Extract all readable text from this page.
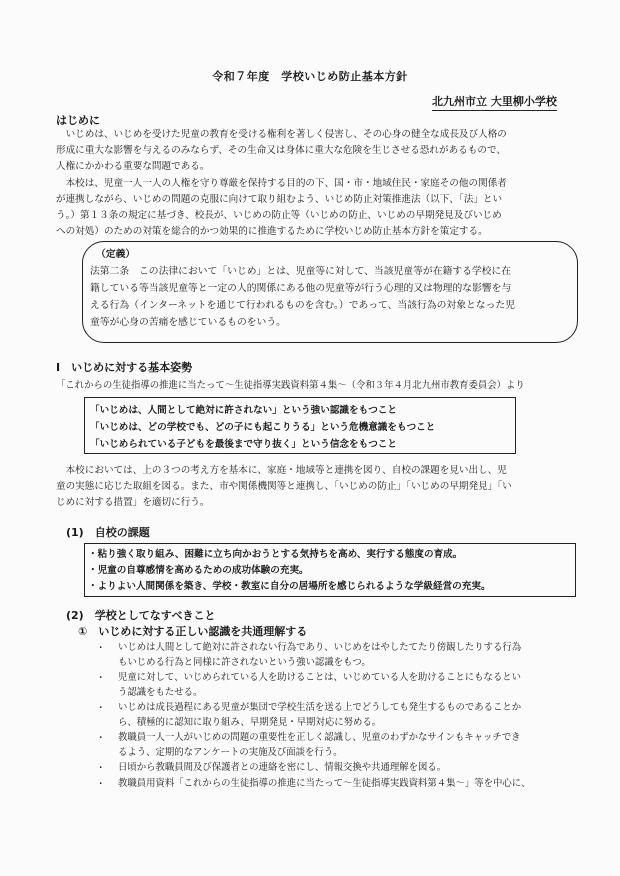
令和７年度　学校いじめ防止基本方針
北九州市立 大里柳小学校
はじめに
　いじめは、いじめを受けた児童の教育を受ける権利を著しく侵害し、その心身の健全な成長及び人格の
形成に重大な影響を与えるのみならず、その生命又は身体に重大な危険を生じさせる恐れがあるもので、
人権にかかわる重要な問題である。
　本校は、児童一人一人の人権を守り尊厳を保持する目的の下、国・市・地域住民・家庭その他の関係者
が連携しながら、いじめの問題の克服に向けて取り組むよう、いじめ防止対策推進法（以下、「法」とい
う。）第１３条の規定に基づき、校長が、いじめの防止等（いじめの防止、いじめの早期発見及びいじめ
への対処）のための対策を総合的かつ効果的に推進するために学校いじめ防止基本方針を策定する。
（定義）
法第二条　この法律において「いじめ」とは、児童等に対して、当該児童等が在籍する学校に在
籍している等当該児童等と一定の人的関係にある他の児童等が行う心理的又は物理的な影響を与
える行為（インターネットを通じて行われるものを含む。）であって、当該行為の対象となった児
童等が心身の苦痛を感じているものをいう。
Ⅰ　いじめに対する基本姿勢
「これからの生徒指導の推進に当たって～生徒指導実践資料第４集～（令和３年４月北九州市教育委員会）より
「いじめは、人間として絶対に許されない」という強い認識をもつこと
「いじめは、どの学校でも、どの子にも起こりうる」という危機意識をもつこと
「いじめられている子どもを最後まで守り抜く」という信念をもつこと
　本校においては、上の３つの考え方を基本に、家庭・地域等と連携を図り、自校の課題を見い出し、児
童の実態に応じた取組を図る。また、市や関係機関等と連携し、「いじめの防止」「いじめの早期発見」「い
じめに対する措置」を適切に行う。
(1)　自校の課題
・粘り強く取り組み、困難に立ち向かおうとする気持ちを高め、実行する態度の育成。
・児童の自尊感情を高めるための成功体験の充実。
・よりよい人間関係を築き、学校・教室に自分の居場所を感じられるような学級経営の充実。
(2)　学校としてなすべきこと
①　いじめに対する正しい認識を共通理解する
・ いじめは人間として絶対に許されない行為であり、いじめをはやしたてたり傍観したりする行為
もいじめる行為と同様に許されないという強い認識をもつ。
・ 児童に対して、いじめられている人を助けることは、いじめている人を助けることにもなるとい
う認識をもたせる。
・ いじめは成長過程にある児童が集団で学校生活を送る上でどうしても発生するものであることか
ら、積極的に認知に取り組み、早期発見・早期対応に努める。
・ 教職員一人一人がいじめの問題の重要性を正しく認識し、児童のわずかなサインもキャッチでき
るよう、定期的なアンケートの実施及び面談を行う。
・ 日頃から教職員間及び保護者との連絡を密にし、情報交換や共通理解を図る。
・ 教職員用資料「これからの生徒指導の推進に当たって～生徒指導実践資料第４集～」等を中心に、
